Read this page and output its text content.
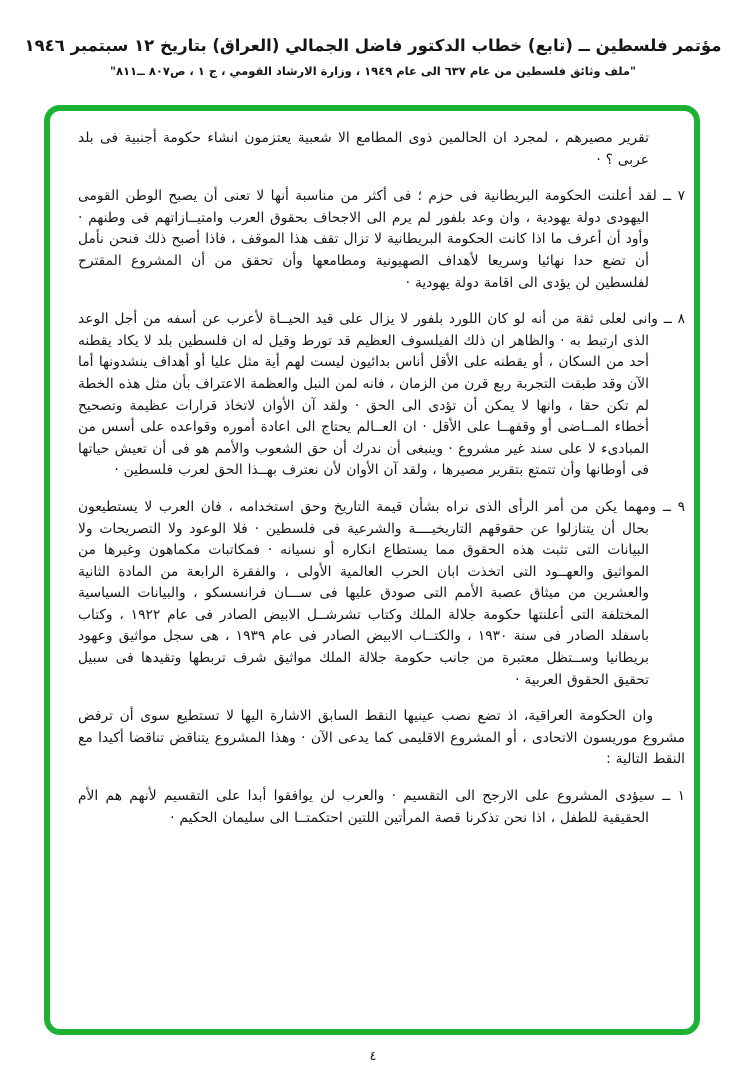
مؤتمر فلسطين ــ (تابع) خطاب الدكتور فاضل الجمالي (العراق) بتاريخ ١٢ سبتمبر ١٩٤٦
"ملف وثائق فلسطين من عام ٦٣٧ الى عام ١٩٤٩ ، وزارة الارشاد القومي ، ج ١ ، ص٨٠٧ ــ٨١١"

تقرير مصيرهم ، لمجرد ان الحالمين ذوى المطامع الا شعبية يعتزمون انشاء حكومة أجنبية فى بلد عربى ؟ ·

٧ ــ لقد أعلنت الحكومة البريطانية فى حزم ؛ فى أكثر من مناسبة أنها لا تعنى أن يصبح الوطن القومى اليهودى دولة يهودية ، وان وعد بلفور لم يرم الى الاجحاف بحقوق العرب وامتيــازاتهم فى وطنهم · وأود أن أعرف ما اذا كانت الحكومة البريطانية لا تزال تقف هذا الموقف ، فاذا أصبح ذلك فنحن نأمل أن تضع حدا نهائيا وسريعا لأهداف الصهيونية ومطامعها وأن تحقق من أن المشروع المقترح لفلسطين لن يؤدى الى اقامة دولة يهودية ·

٨ ــ وانى لعلى ثقة من أنه لو كان اللورد بلفور لا يزال على قيد الحيــاة لأعرب عن أسفه من أجل الوعد الذى ارتبط به · والظاهر ان ذلك الفيلسوف العظيم قد تورط وقيل له ان فلسطين بلد لا يكاد يقطنه أحد من السكان ، أو يقطنه على الأقل أناس بدائيون ليست لهم أية مثل عليا أو أهداف ينشدونها أما الآن وقد طبقت التجربة ربع قرن من الزمان ، فانه لمن النبل والعظمة الاعتراف بأن مثل هذه الخطة لم تكن حقا ، وانها لا يمكن أن تؤدى الى الحق · ولقد آن الأوان لاتخاذ قرارات عظيمة وتصحيح أخطاء المــاضى أو وقفهــا على الأقل · ان العــالم يحتاج الى اعادة أموره وقواعده على أسس من المبادىء لا على سند غير مشروع · وينبغى أن ندرك أن حق الشعوب والأمم هو فى أن تعيش حياتها فى أوطانها وأن تتمتع بتقرير مصيرها ، ولقد آن الأوان لأن نعترف بهــذا الحق لعرب فلسطين ·

٩ ــ ومهما يكن من أمر الرأى الذى نراه بشأن قيمة التاريخ وحق استخدامه ، فان العرب لا يستطيعون بحال أن يتنازلوا عن حقوقهم التاريخيــــة والشرعية فى فلسطين · فلا الوعود ولا التصريحات ولا البيانات التى تثبت هذه الحقوق مما يستطاع انكاره أو نسيانه · فمكاتبات مكماهون وغيرها من المواثيق والعهــود التى اتخذت ابان الحرب العالمية الأولى ، والفقرة الرابعة من المادة الثانية والعشرين من ميثاق عصبة الأمم التى صودق عليها فى ســـان فرانسسكو ، والبيانات السياسية المختلفة التى أعلنتها حكومة جلالة الملك وكتاب تشرشــل الابيض الصادر فى عام ١٩٢٢ ، وكتاب باسفلد الصادر فى سنة ١٩٣٠ ، والكتــاب الابيض الصادر فى عام ١٩٣٩ ، هى سجل مواثيق وعهود بريطانيا وســتظل معتبرة من جانب حكومة جلالة الملك مواثيق شرف تربطها وتقيدها فى سبيل تحقيق الحقوق العربية ·

وان الحكومة العراقية، اذ تضع نصب عينيها النقط السابق الاشارة اليها لا تستطيع سوى أن ترفض مشروع موريسون الاتحادى ، أو المشروع الاقليمى كما يدعى الآن · وهذا المشروع يتناقض تناقضا أكيدا مع النقط التالية :

١ ــ سيؤدى المشروع على الارجح الى التقسيم · والعرب لن يوافقوا أبدا على التقسيم لأنهم هم الأم الحقيقية للطفل ، اذا نحن تذكرنا قصة المرأتين اللتين احتكمتــا الى سليمان الحكيم ·

٤
